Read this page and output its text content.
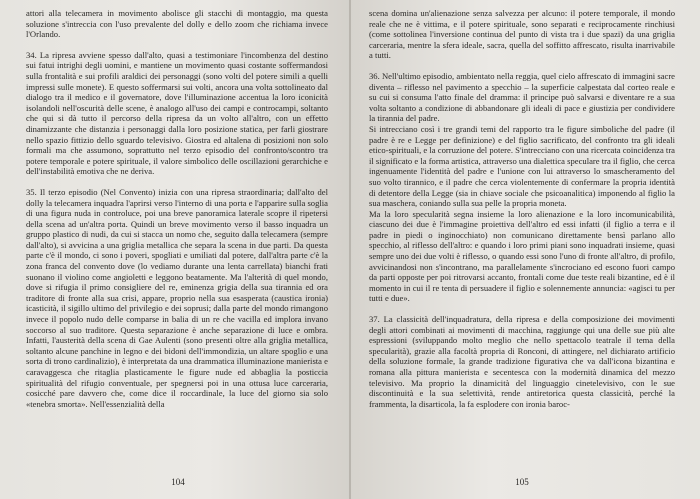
attori alla telecamera in movimento abolisce gli stacchi di montaggio, ma questa soluzione s'intreccia con l'uso prevalente del dolly e dello zoom che richiama invece l'Orlando.

34. La ripresa avviene spesso dall'alto, quasi a testimoniare l'incombenza del destino sui fatui intrighi degli uomini, e mantiene un movimento quasi costante soffermandosi sulla frontalità e sui profili araldici dei personaggi (sono volti del potere simili a quelli impressi sulle monete). E questo soffermarsi sui volti, ancora una volta sottolineato dal dialogo tra il medico e il governatore, dove l'illuminazione accentua la loro iconicità isolandoli nell'oscurità delle scene, è analogo all'uso dei campi e controcampi, soltanto che qui si dà tutto il percorso della ripresa da un volto all'altro, con un effetto dinamizzante che distanzia i personaggi dalla loro posizione statica, per farli giostrare nello spazio fittizio dello sguardo televisivo. Giostra ed altalena di posizioni non solo formali ma che assumono, soprattutto nel terzo episodio del confronto/scontro tra potere temporale e potere spirituale, il valore simbolico delle oscillazioni gerarchiche e dell'instabilità emotiva che ne deriva.

35. Il terzo episodio (Nel Convento) inizia con una ripresa straordinaria; dall'alto del dolly la telecamera inquadra l'aprirsi verso l'interno di una porta e l'apparire sulla soglia di una figura nuda in controluce, poi una breve panoramica laterale scopre il ripetersi della scena ad un'altra porta. Quindi un breve movimento verso il basso inquadra un gruppo plastico di nudi, da cui si stacca un nomo che, seguito dalla telecamera (sempre dall'alto), si avvicina a una griglia metallica che separa la scena in due parti. Da questa parte c'è il mondo, ci sono i poveri, spogliati e umiliati dal potere, dall'altra parte c'è la zona franca del convento dove (lo vediamo durante una lenta carrellata) bianchi frati suonano il violino come angioletti e leggono beatamente. Ma l'alterità di quel mondo, dove si rifugia il primo consigliere del re, eminenza grigia della sua tirannia ed ora traditore di fronte alla sua crisi, appare, proprio nella sua esasperata (caustica ironia) icasticità, il sigillo ultimo del privilegio e dei soprusi; dalla parte del mondo rimangono invece il popolo nudo delle comparse in balia di un re che vacilla ed implora invano soccorso al suo traditore. Questa separazione è anche separazione di luce e ombra. Infatti, l'austerità della scena di Gae Aulenti (sono presenti oltre alla griglia metallica, soltanto alcune panchine in legno e dei bidoni dell'immondizia, un altare spoglio e una sorta di trono cardinalizio), è interpretata da una drammatica illuminazione manierista e caravaggesca che ritaglia plasticamente le figure nude ed abbaglia la posticcia spiritualità del rifugio conventuale, per spegnersi poi in una ottusa luce carceraria, cosicché pare davvero che, come dice il roccardinale, la luce del giorno sia solo «tenebra smorta». Nell'essenzialità della

104

scena domina un'alienazione senza salvezza per alcuno: il potere temporale, il mondo reale che ne è vittima, e il potere spirituale, sono separati e reciprocamente rinchiusi (come sottolinea l'inversione continua del punto di vista tra i due spazi) da una griglia carceraria, mentre la sfera ideale, sacra, quella del soffitto affrescato, risulta inarrivabile a tutti.

36. Nell'ultimo episodio, ambientato nella reggia, quel cielo affrescato di immagini sacre diventa – riflesso nel pavimento a specchio – la superficie calpestata dal corteo reale e su cui si consuma l'atto finale del dramma: il principe può salvarsi e diventare re a sua volta soltanto a condizione di abbandonare gli ideali di pace e giustizia per condividere la tirannia del padre.

Si intrecciano così i tre grandi temi del rapporto tra le figure simboliche del padre (il padre è re e Legge per definizione) e del figlio sacrificato, del confronto tra gli ideali etico-spirituali, e la corruzione del potere. S'intrecciano con una ricercata coincidenza tra il significato e la forma artistica, attraverso una dialettica speculare tra il figlio, che cerca ingenuamente l'identità del padre e l'unione con lui attraverso lo smascheramento del suo volto tirannico, e il padre che cerca violentemente di confermare la propria identità di detentore della Legge (sia in chiave sociale che psicoanalitica) imponendo al figlio la sua maschera, coniando sulla sua pelle la propria moneta.

Ma la loro specularità segna insieme la loro alienazione e la loro incomunicabilità, ciascuno dei due è l'immagine proiettiva dell'altro ed essi infatti (il figlio a terra e il padre in piedi o inginocchiato) non comunicano direttamente bensì parlano allo specchio, al riflesso dell'altro: e quando i loro primi piani sono inquadrati insieme, quasi sempre uno dei due volti è riflesso, o quando essi sono l'uno di fronte all'altro, di profilo, avvicinandosi non s'incontrano, ma parallelamente s'incrociano ed escono fuori campo da parti opposte per poi ritrovarsi accanto, frontali come due teste reali bizantine, ed è il momento in cui il re tenta di persuadere il figlio e solennemente annuncia: «agisci tu per tutti e due».

37. La classicità dell'inquadratura, della ripresa e della composizione dei movimenti degli attori combinati ai movimenti di macchina, raggiunge qui una delle sue più alte espressioni (sviluppando molto meglio che nello spettacolo teatrale il tema della specularità), grazie alla facoltà propria di Ronconi, di attingere, nel dichiarato artificio della soluzione formale, la grande tradizione figurativa che va dall'icona bizantina e romana alla pittura manierista e secentesca con la modernità dinamica del mezzo televisivo. Ma proprio la dinamicità del linguaggio cinetelevisivo, con le sue discontinuità e la sua selettività, rende antiretorica questa classicità, perché la frammenta, la disarticola, la fa esplodere con ironia baroc-

105
